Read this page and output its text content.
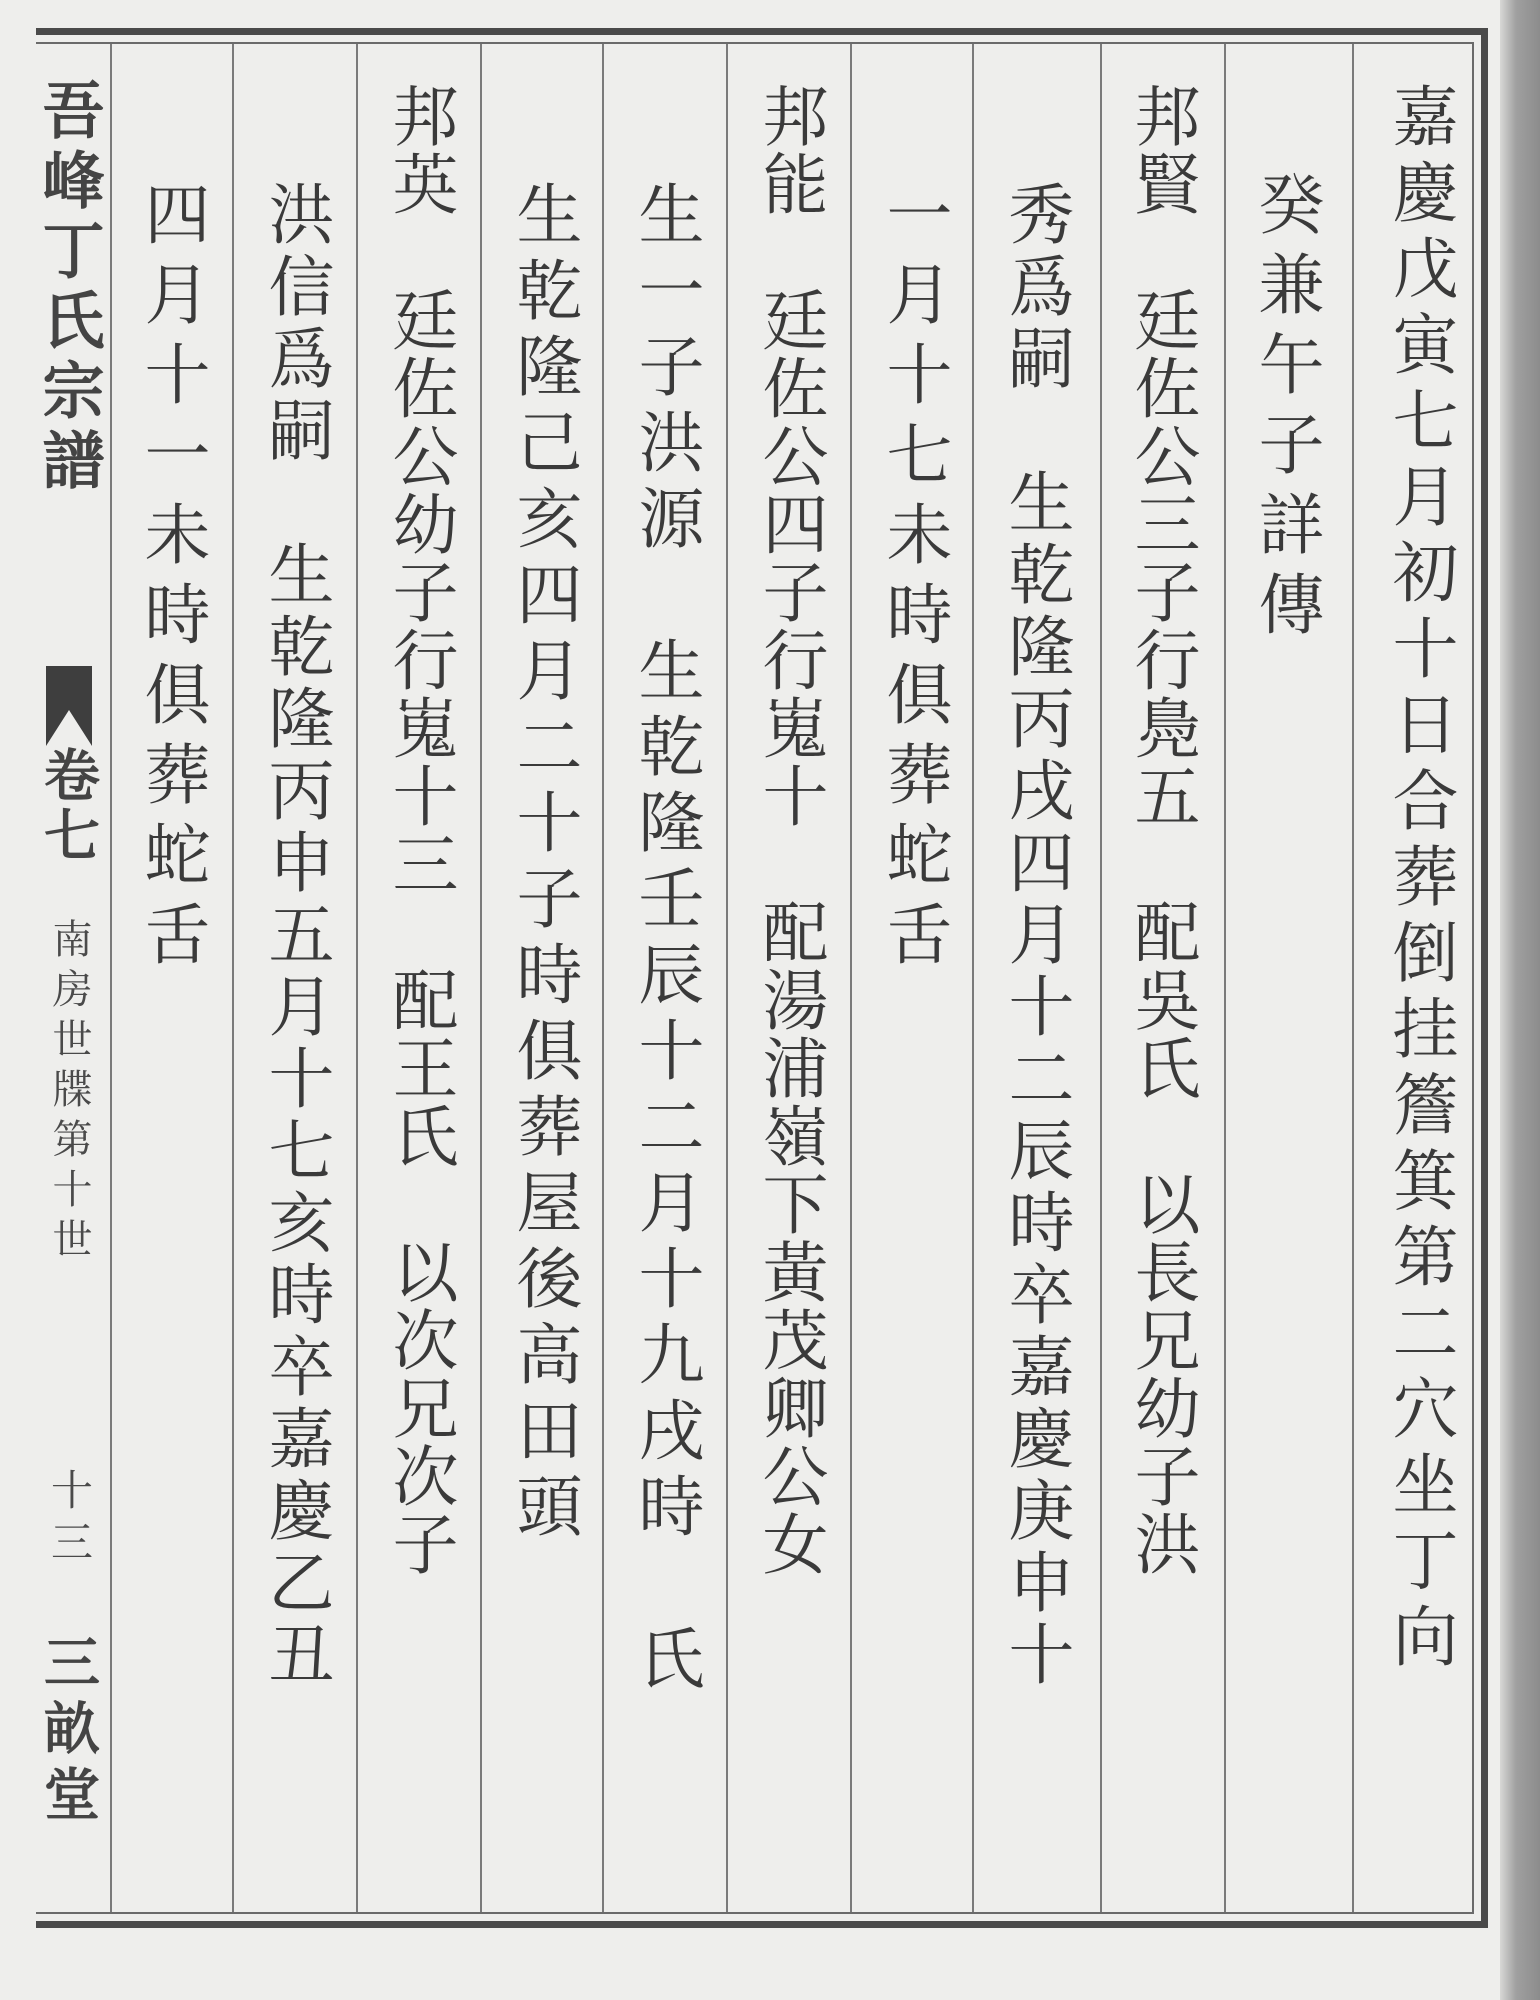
嘉慶戊寅七月初十日合葬倒挂簷箕第二穴坐丁向
癸兼午子詳傳
邦賢　廷佐公三子行鳧五　配吳氏　以長兄幼子洪
秀爲嗣　生乾隆丙戌四月十二辰時卒嘉慶庚申十
一月十七未時俱葬蛇舌
邦能　廷佐公四子行嵬十　配湯浦嶺下黃茂卿公女
生一子洪源　生乾隆壬辰十二月十九戌時　氏
生乾隆己亥四月二十子時俱葬屋後高田頭
邦英　廷佐公幼子行嵬十三　配王氏　以次兄次子
洪信爲嗣　生乾隆丙申五月十七亥時卒嘉慶乙丑
四月十一未時俱葬蛇舌
吾峰丁氏宗譜
卷七
南房世牒第十世
十三
三畝堂
